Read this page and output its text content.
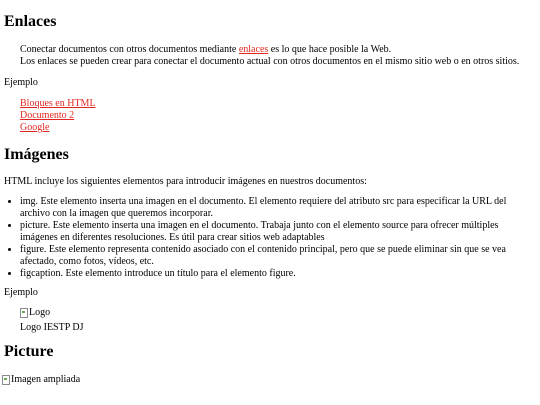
Enlaces
Conectar documentos con otros documentos mediante enlaces es lo que hace posible la Web.
Los enlaces se pueden crear para conectar el documento actual con otros documentos en el mismo sitio web o en otros sitios.
Ejemplo
Bloques en HTML
Documento 2
Google
Imágenes
HTML incluye los siguientes elementos para introducir imágenes en nuestros documentos:
• img. Este elemento inserta una imagen en el documento. El elemento requiere del atributo src para especificar la URL del
archivo con la imagen que queremos incorporar.
• picture. Este elemento inserta una imagen en el documento. Trabaja junto con el elemento source para ofrecer múltiples
imágenes en diferentes resoluciones. Es útil para crear sitios web adaptables
• figure. Este elemento representa contenido asociado con el contenido principal, pero que se puede eliminar sin que se vea
afectado, como fotos, vídeos, etc.
• figcaption. Este elemento introduce un título para el elemento figure.
Ejemplo
Logo
Logo IESTP DJ
Picture
Imagen ampliada
